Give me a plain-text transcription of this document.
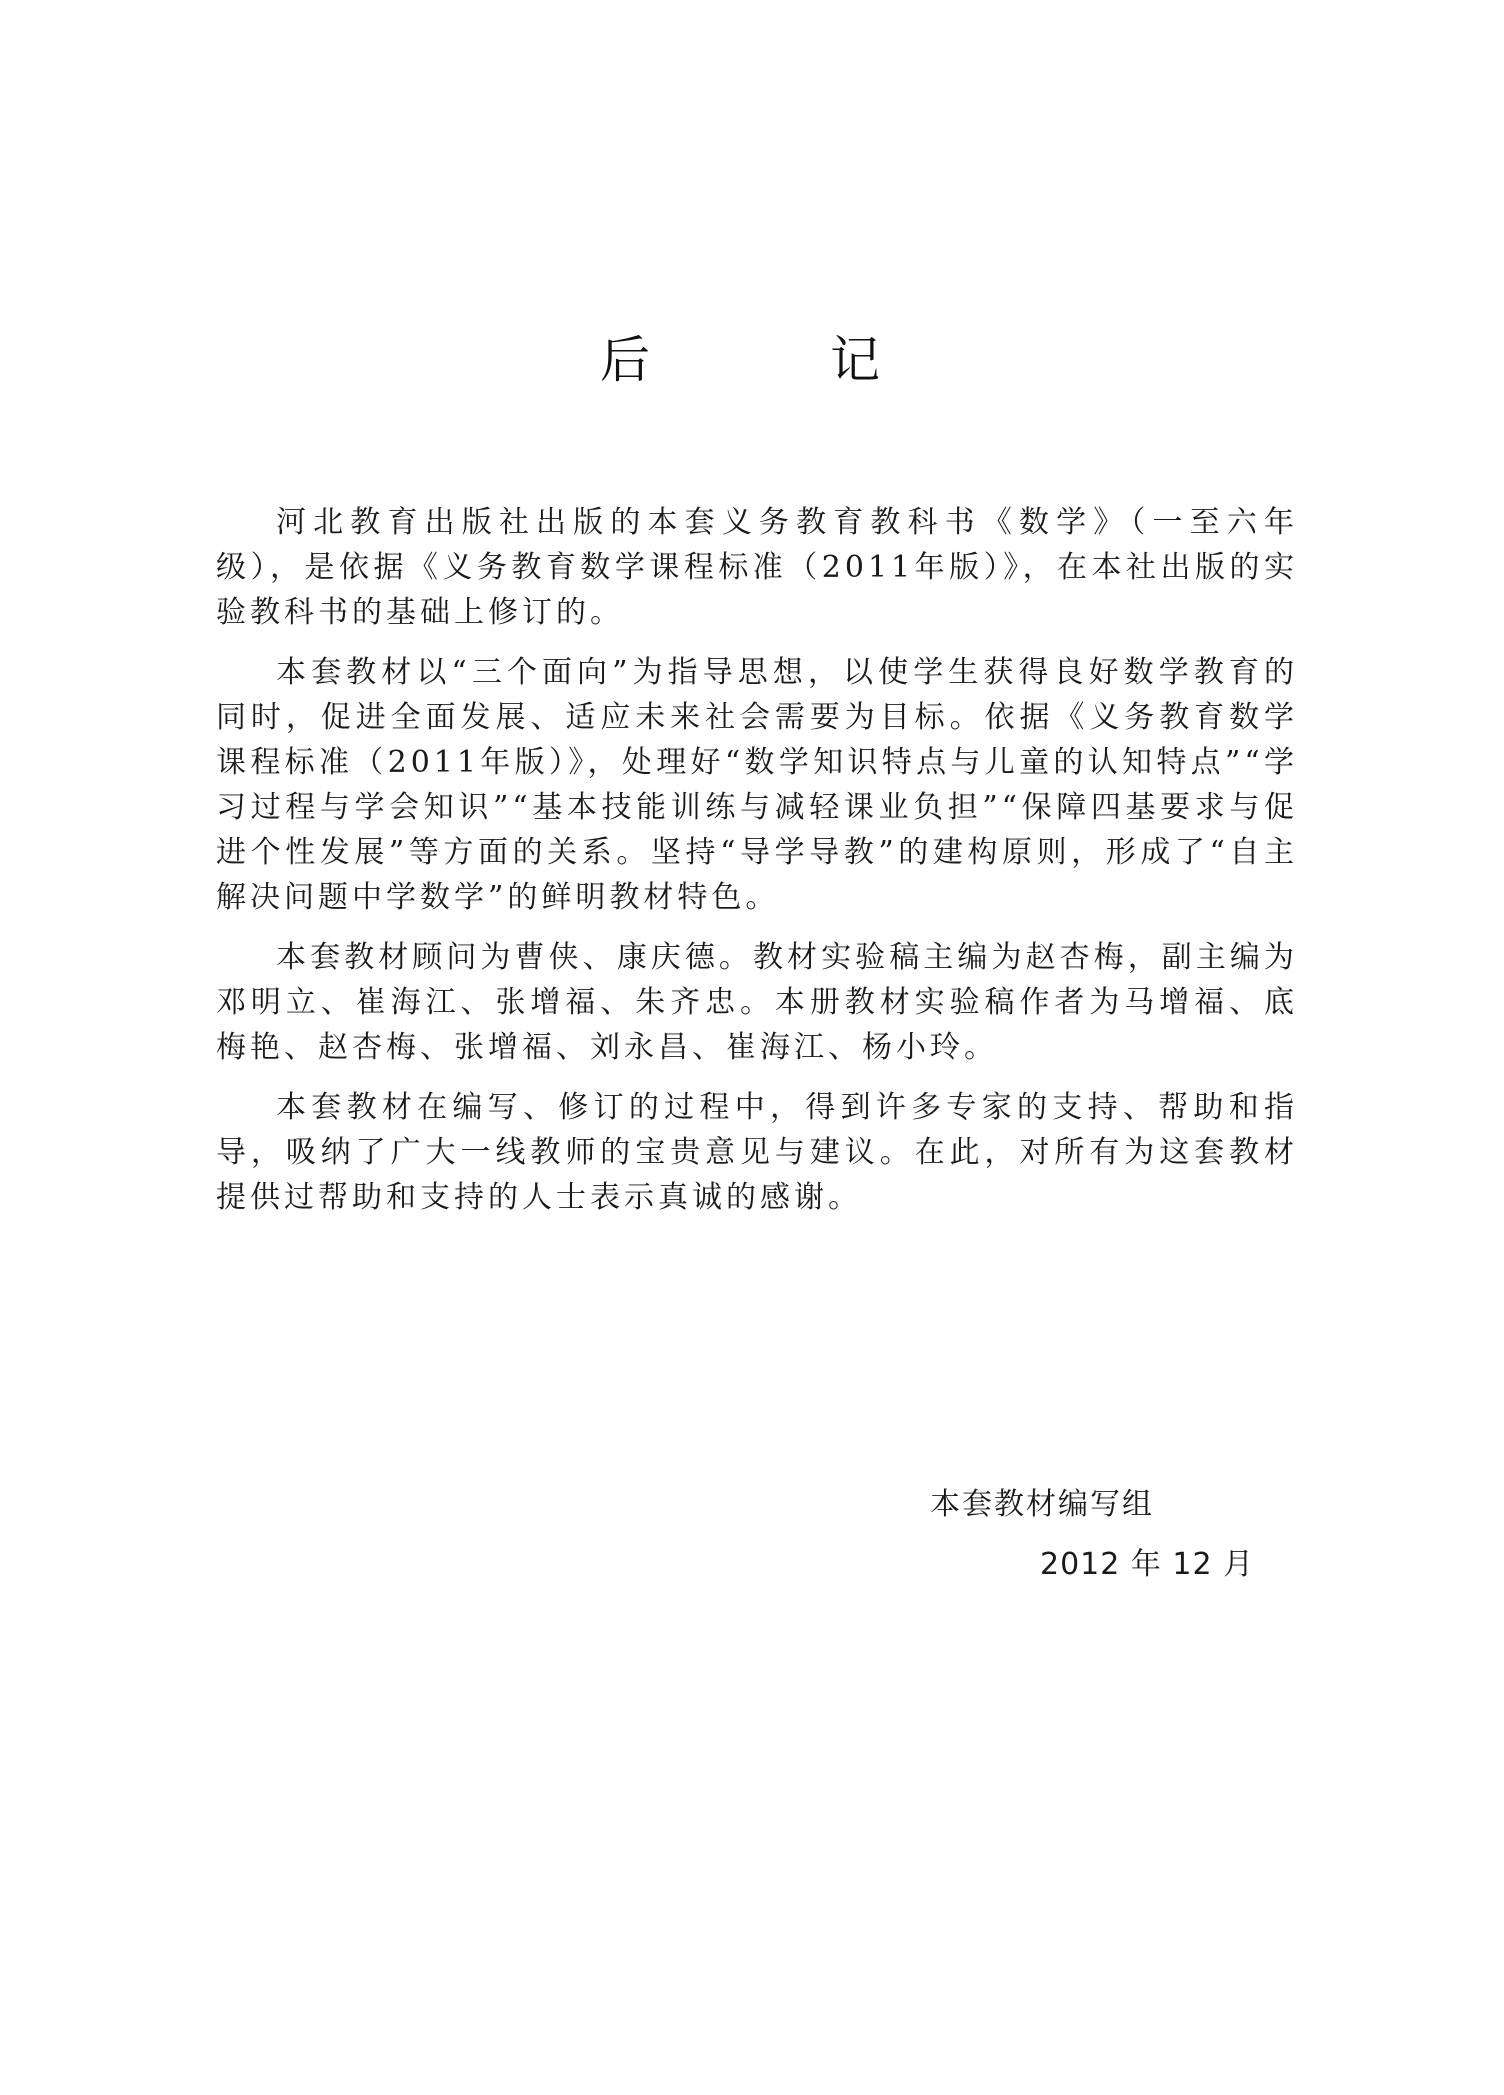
后	记

河北教育出版社出版的本套义务教育教科书《数学》（一至六年级），是依据《义务教育数学课程标准（2011年版）》，在本社出版的实验教科书的基础上修订的。

本套教材以“三个面向”为指导思想，以使学生获得良好数学教育的同时，促进全面发展、适应未来社会需要为目标。依据《义务教育数学课程标准（2011年版）》，处理好“数学知识特点与儿童的认知特点”“学习过程与学会知识”“基本技能训练与减轻课业负担”“保障四基要求与促进个性发展”等方面的关系。坚持“导学导教”的建构原则，形成了“自主解决问题中学数学”的鲜明教材特色。

本套教材顾问为曹侠、康庆德。教材实验稿主编为赵杏梅，副主编为邓明立、崔海江、张增福、朱齐忠。本册教材实验稿作者为马增福、底梅艳、赵杏梅、张增福、刘永昌、崔海江、杨小玲。

本套教材在编写、修订的过程中，得到许多专家的支持、帮助和指导，吸纳了广大一线教师的宝贵意见与建议。在此，对所有为这套教材提供过帮助和支持的人士表示真诚的感谢。

本套教材编写组
2012 年 12 月
